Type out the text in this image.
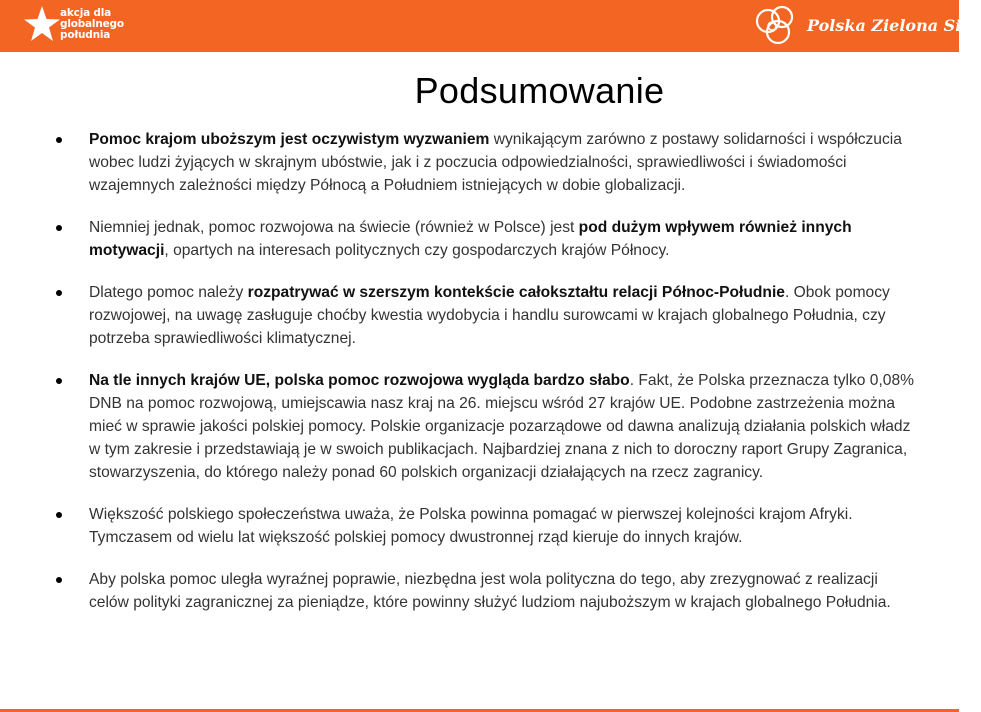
akcja dla
globalnego
południa	Polska Zielona Sieć
Podsumowanie
Pomoc krajom uboższym jest oczywistym wyzwaniem wynikającym zarówno z postawy solidarności i współczucia wobec ludzi żyjących w skrajnym ubóstwie, jak i z poczucia odpowiedzialności, sprawiedliwości i świadomości wzajemnych zależności między Północą a Południem istniejących w dobie globalizacji.
Niemniej jednak, pomoc rozwojowa na świecie (również w Polsce) jest pod dużym wpływem również innych motywacji, opartych na interesach politycznych czy gospodarczych krajów Północy.
Dlatego pomoc należy rozpatrywać w szerszym kontekście całokształtu relacji Północ-Południe. Obok pomocy rozwojowej, na uwagę zasługuje choćby kwestia wydobycia i handlu surowcami w krajach globalnego Południa, czy potrzeba sprawiedliwości klimatycznej.
Na tle innych krajów UE, polska pomoc rozwojowa wygląda bardzo słabo. Fakt, że Polska przeznacza tylko 0,08% DNB na pomoc rozwojową, umiejscawia nasz kraj na 26. miejscu wśród 27 krajów UE. Podobne zastrzeżenia można mieć w sprawie jakości polskiej pomocy. Polskie organizacje pozarządowe od dawna analizują działania polskich władz w tym zakresie i przedstawiają je w swoich publikacjach. Najbardziej znana z nich to doroczny raport Grupy Zagranica, stowarzyszenia, do którego należy ponad 60 polskich organizacji działających na rzecz zagranicy.
Większość polskiego społeczeństwa uważa, że Polska powinna pomagać w pierwszej kolejności krajom Afryki. Tymczasem od wielu lat większość polskiej pomocy dwustronnej rząd kieruje do innych krajów.
Aby polska pomoc uległa wyraźnej poprawie, niezbędna jest wola polityczna do tego, aby zrezygnować z realizacji celów polityki zagranicznej za pieniądze, które powinny służyć ludziom najuboższym w krajach globalnego Południa.
